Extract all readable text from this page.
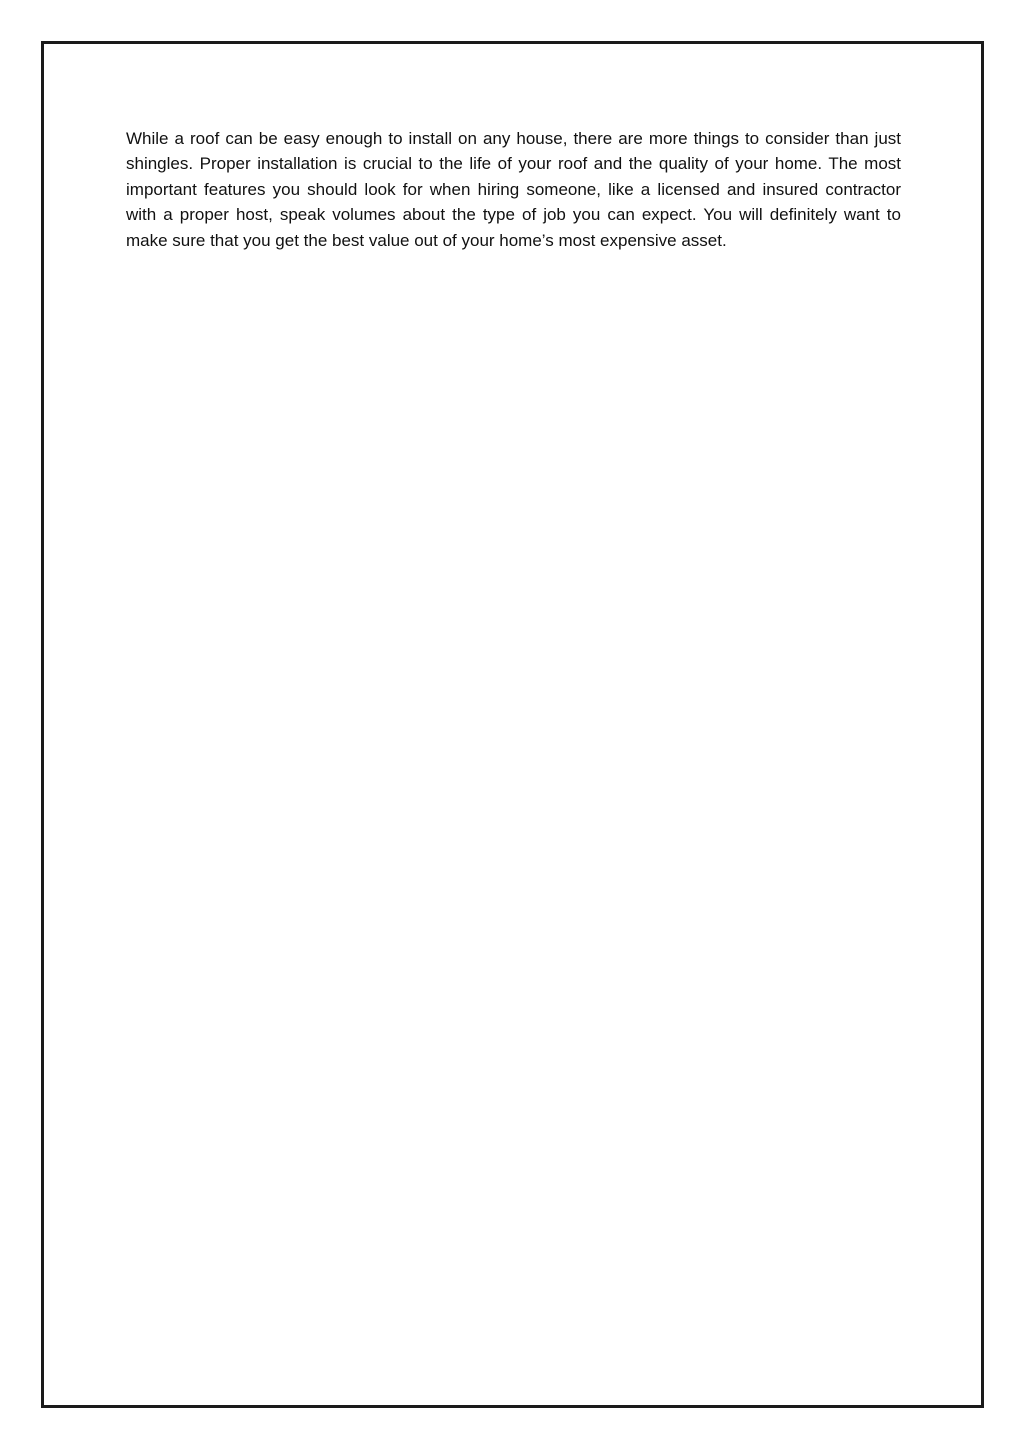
While a roof can be easy enough to install on any house, there are more things to consider than just shingles. Proper installation is crucial to the life of your roof and the quality of your home. The most important features you should look for when hiring someone, like a licensed and insured contractor with a proper host, speak volumes about the type of job you can expect. You will definitely want to make sure that you get the best value out of your home’s most expensive asset.
